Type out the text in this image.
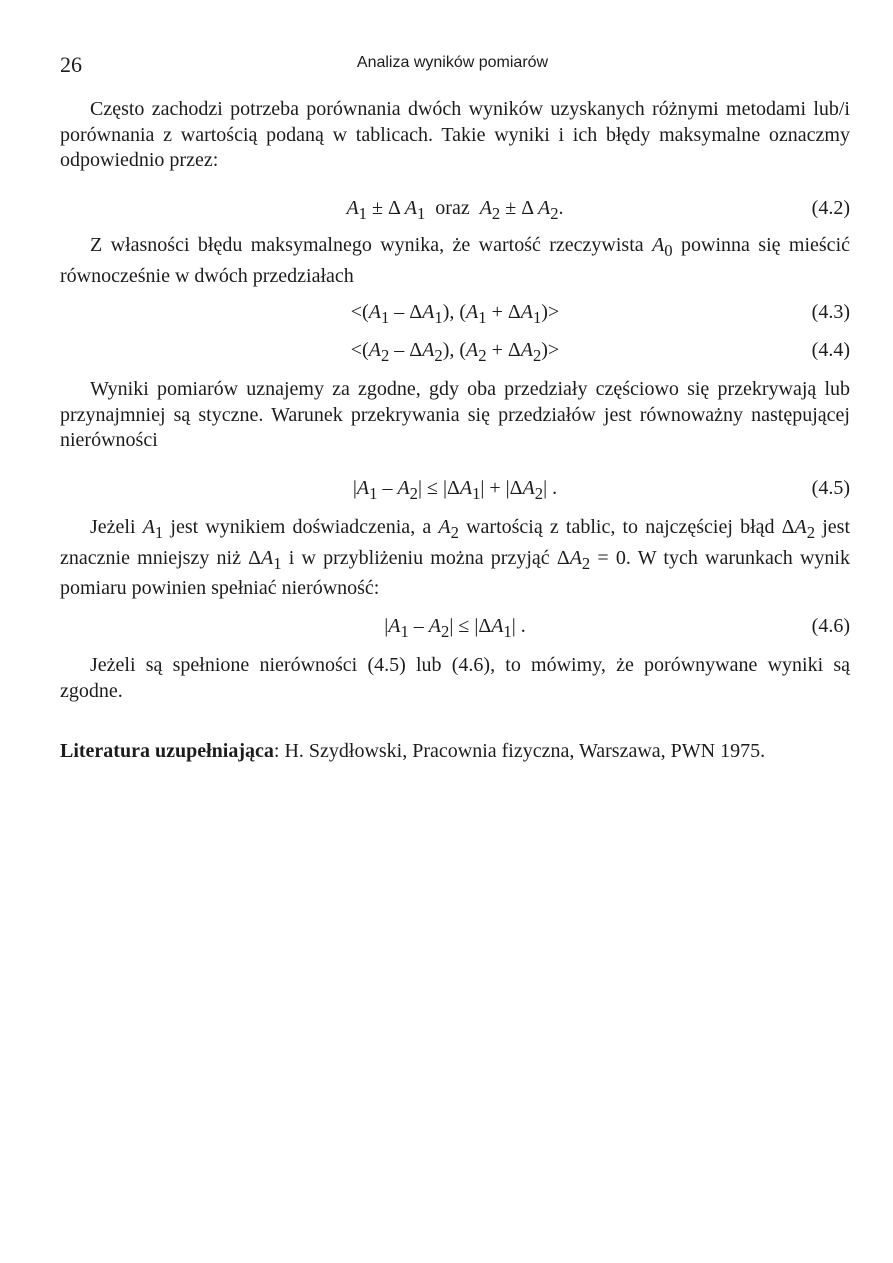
26	Analiza wyników pomiarów

Często zachodzi potrzeba porównania dwóch wyników uzyskanych różnymi metodami lub/i porównania z wartością podaną w tablicach. Takie wyniki i ich błędy maksymalne oznaczmy odpowiednio przez:

$A_1 \pm \Delta$ $A_1$ oraz $A_2 \pm \Delta$ $A_2$.	(4.2)

Z własności błędu maksymalnego wynika, że wartość rzeczywista $A_0$ powinna się mieścić równocześnie w dwóch przedziałach

$<(A_1 - \Delta A_1)$, $(A_1 + \Delta A_1)>$	(4.3)
$<(A_2 - \Delta A_2)$, $(A_2 + \Delta A_2)>$	(4.4)

Wyniki pomiarów uznajemy za zgodne, gdy oba przedziały częściowo się przekrywają lub przynajmniej są styczne. Warunek przekrywania się przedziałów jest równoważny następującej nierówności

$|A_1 - A_2| \le |\Delta A_1| + |\Delta A_2|$ .	(4.5)

Jeżeli $A_1$ jest wynikiem doświadczenia, a $A_2$ wartością z tablic, to najczęściej błąd $\Delta A_2$ jest znacznie mniejszy niż $\Delta A_1$ i w przybliżeniu można przyjąć $\Delta A_2 = 0$. W tych warunkach wynik pomiaru powinien spełniać nierówność:

$|A_1 - A_2| \le |\Delta A_1|$ .	(4.6)

Jeżeli są spełnione nierówności (4.5) lub (4.6), to mówimy, że porównywane wyniki są zgodne.

Literatura uzupełniająca: H. Szydłowski, Pracownia fizyczna, Warszawa, PWN 1975.
